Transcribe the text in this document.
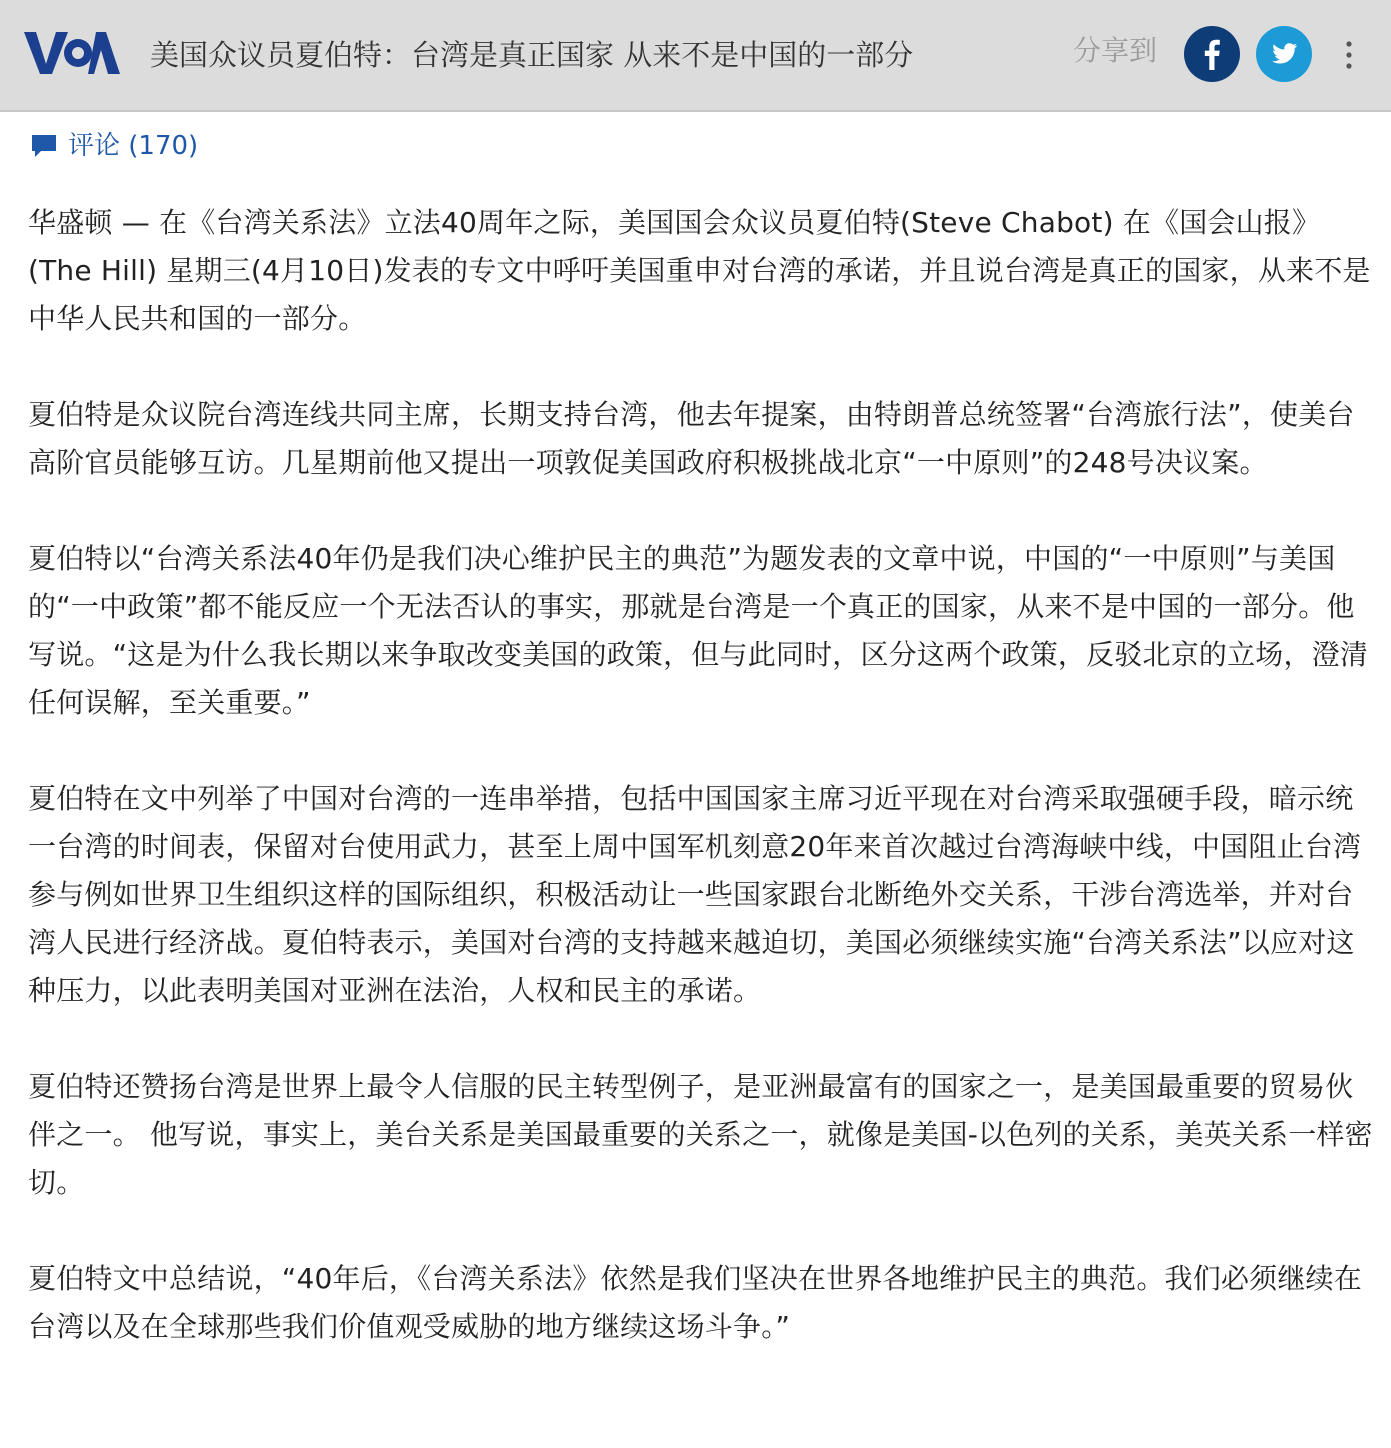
美国众议员夏伯特：台湾是真正国家 从来不是中国的一部分	分享到
评论 (170)

华盛顿 — 在《台湾关系法》立法40周年之际，美国国会众议员夏伯特(Steve Chabot) 在《国会山报》(The Hill) 星期三(4月10日)发表的专文中呼吁美国重申对台湾的承诺，并且说台湾是真正的国家，从来不是中华人民共和国的一部分。

夏伯特是众议院台湾连线共同主席，长期支持台湾，他去年提案，由特朗普总统签署“台湾旅行法”，使美台高阶官员能够互访。几星期前他又提出一项敦促美国政府积极挑战北京“一中原则”的248号决议案。

夏伯特以“台湾关系法40年仍是我们决心维护民主的典范”为题发表的文章中说，中国的“一中原则”与美国的“一中政策”都不能反应一个无法否认的事实，那就是台湾是一个真正的国家，从来不是中国的一部分。他写说。“这是为什么我长期以来争取改变美国的政策，但与此同时，区分这两个政策，反驳北京的立场，澄清任何误解，至关重要。”

夏伯特在文中列举了中国对台湾的一连串举措，包括中国国家主席习近平现在对台湾采取强硬手段，暗示统一台湾的时间表，保留对台使用武力，甚至上周中国军机刻意20年来首次越过台湾海峡中线，中国阻止台湾参与例如世界卫生组织这样的国际组织，积极活动让一些国家跟台北断绝外交关系，干涉台湾选举，并对台湾人民进行经济战。夏伯特表示，美国对台湾的支持越来越迫切，美国必须继续实施“台湾关系法”以应对这种压力，以此表明美国对亚洲在法治，人权和民主的承诺。

夏伯特还赞扬台湾是世界上最令人信服的民主转型例子，是亚洲最富有的国家之一，是美国最重要的贸易伙伴之一。 他写说，事实上，美台关系是美国最重要的关系之一，就像是美国-以色列的关系，美英关系一样密切。

夏伯特文中总结说，“40年后，《台湾关系法》依然是我们坚决在世界各地维护民主的典范。我们必须继续在台湾以及在全球那些我们价值观受威胁的地方继续这场斗争。”
